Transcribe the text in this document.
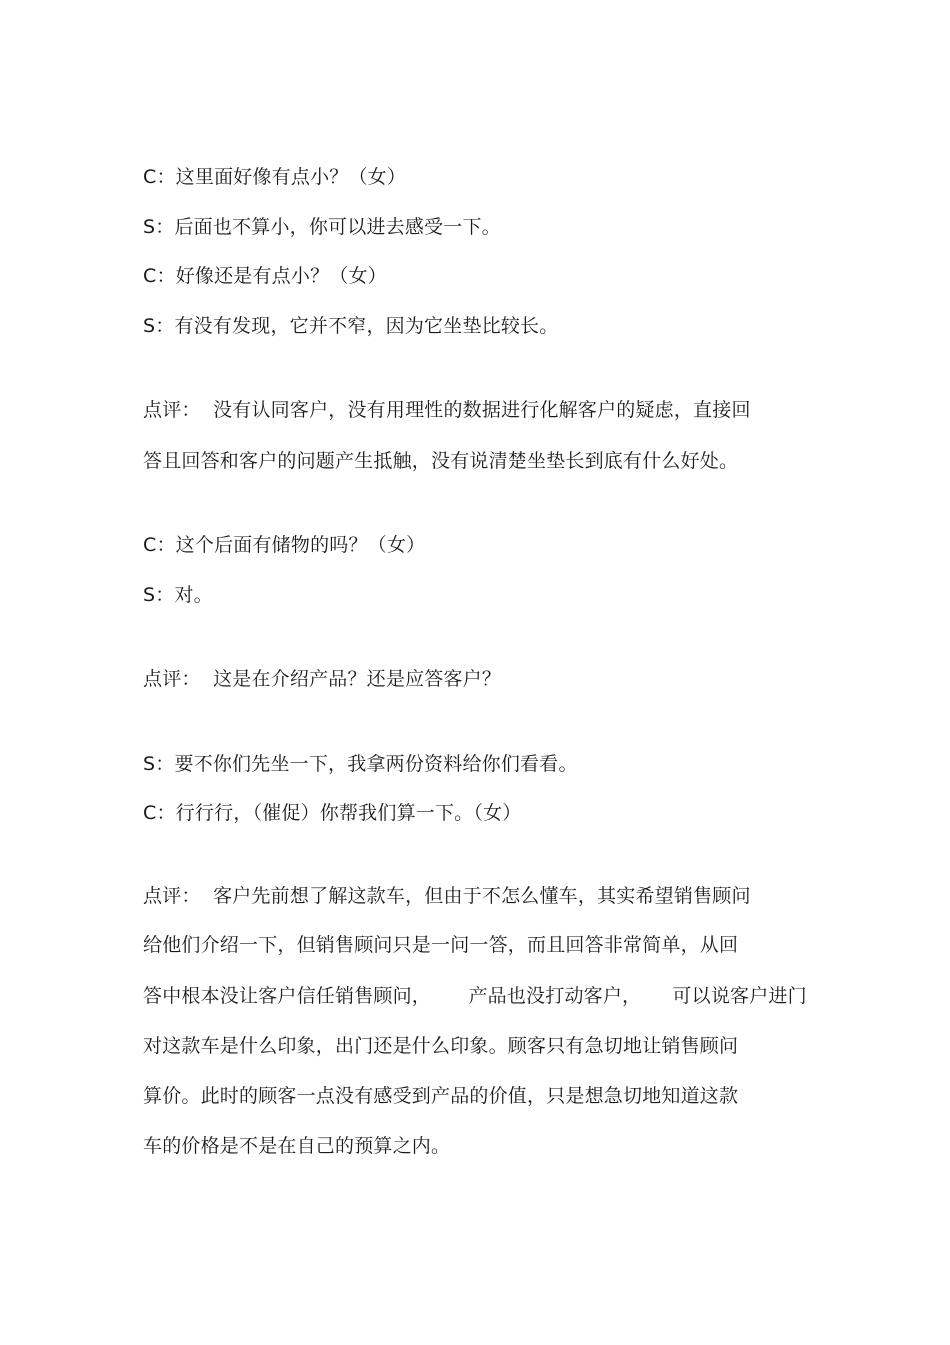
C：这里面好像有点小？（女）
S：后面也不算小，你可以进去感受一下。
C：好像还是有点小？（女）
S：有没有发现，它并不窄，因为它坐垫比较长。
点评：  没有认同客户，没有用理性的数据进行化解客户的疑虑，直接回
答且回答和客户的问题产生抵触，没有说清楚坐垫长到底有什么好处。
C：这个后面有储物的吗？（女）
S：对。
点评：  这是在介绍产品？还是应答客户？
S：要不你们先坐一下，我拿两份资料给你们看看。
C：行行行，（催促）你帮我们算一下。（女）
点评：  客户先前想了解这款车，但由于不怎么懂车，其实希望销售顾问
给他们介绍一下，但销售顾问只是一问一答，而且回答非常简单，从回
答中根本没让客户信任销售顾问，      产品也没打动客户，     可以说客户进门
对这款车是什么印象，出门还是什么印象。顾客只有急切地让销售顾问
算价。此时的顾客一点没有感受到产品的价值，只是想急切地知道这款
车的价格是不是在自己的预算之内。
